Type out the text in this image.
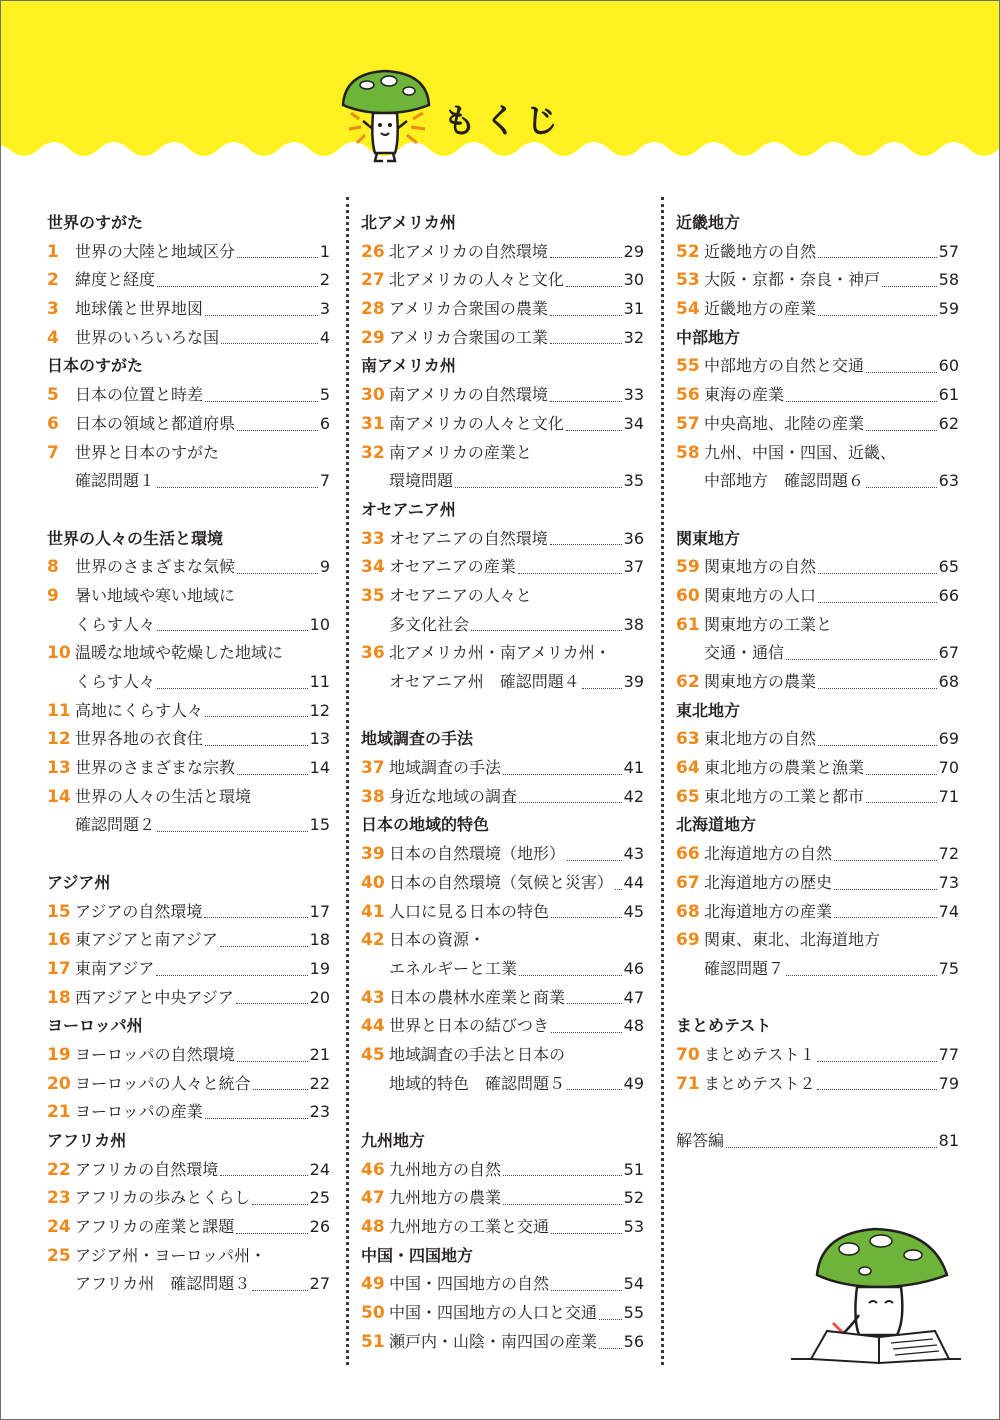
もくじ
世界のすがた
1	世界の大陸と地域区分	1
2	緯度と経度	2
3	地球儀と世界地図	3
4	世界のいろいろな国	4
日本のすがた
5	日本の位置と時差	5
6	日本の領域と都道府県	6
7	世界と日本のすがた
確認問題１	7
世界の人々の生活と環境
8	世界のさまざまな気候	9
9	暑い地域や寒い地域に
くらす人々	10
10 温暖な地域や乾燥した地域に
くらす人々	11
11 高地にくらす人々	12
12 世界各地の衣食住	13
13 世界のさまざまな宗教	14
14 世界の人々の生活と環境
確認問題２	15
アジア州
15 アジアの自然環境	17
16 東アジアと南アジア	18
17 東南アジア	19
18 西アジアと中央アジア	20
ヨーロッパ州
19 ヨーロッパの自然環境	21
20 ヨーロッパの人々と統合	22
21 ヨーロッパの産業	23
アフリカ州
22 アフリカの自然環境	24
23 アフリカの歩みとくらし	25
24 アフリカの産業と課題	26
25 アジア州・ヨーロッパ州・
アフリカ州　確認問題３	27
北アメリカ州
26 北アメリカの自然環境	29
27 北アメリカの人々と文化	30
28 アメリカ合衆国の農業	31
29 アメリカ合衆国の工業	32
南アメリカ州
30 南アメリカの自然環境	33
31 南アメリカの人々と文化	34
32 南アメリカの産業と
環境問題	35
オセアニア州
33 オセアニアの自然環境	36
34 オセアニアの産業	37
35 オセアニアの人々と
多文化社会	38
36 北アメリカ州・南アメリカ州・
オセアニア州　確認問題４	39
地域調査の手法
37 地域調査の手法	41
38 身近な地域の調査	42
日本の地域的特色
39 日本の自然環境（地形）	43
40 日本の自然環境（気候と災害） 44
41 人口に見る日本の特色	45
42 日本の資源・
エネルギーと工業	46
43 日本の農林水産業と商業	47
44 世界と日本の結びつき	48
45 地域調査の手法と日本の
地域的特色　確認問題５	49
九州地方
46 九州地方の自然	51
47 九州地方の農業	52
48 九州地方の工業と交通	53
中国・四国地方
49 中国・四国地方の自然	54
50 中国・四国地方の人口と交通 55
51 瀬戸内・山陰・南四国の産業 56
近畿地方
52 近畿地方の自然	57
53 大阪・京都・奈良・神戸	58
54 近畿地方の産業	59
中部地方
55 中部地方の自然と交通	60
56 東海の産業	61
57 中央高地、北陸の産業	62
58 九州、中国・四国、近畿、
中部地方　確認問題６	63
関東地方
59 関東地方の自然	65
60 関東地方の人口	66
61 関東地方の工業と
交通・通信	67
62 関東地方の農業	68
東北地方
63 東北地方の自然	69
64 東北地方の農業と漁業	70
65 東北地方の工業と都市	71
北海道地方
66 北海道地方の自然	72
67 北海道地方の歴史	73
68 北海道地方の産業	74
69 関東、東北、北海道地方
確認問題７	75
まとめテスト
70 まとめテスト１	77
71 まとめテスト２	79
解答編	81
